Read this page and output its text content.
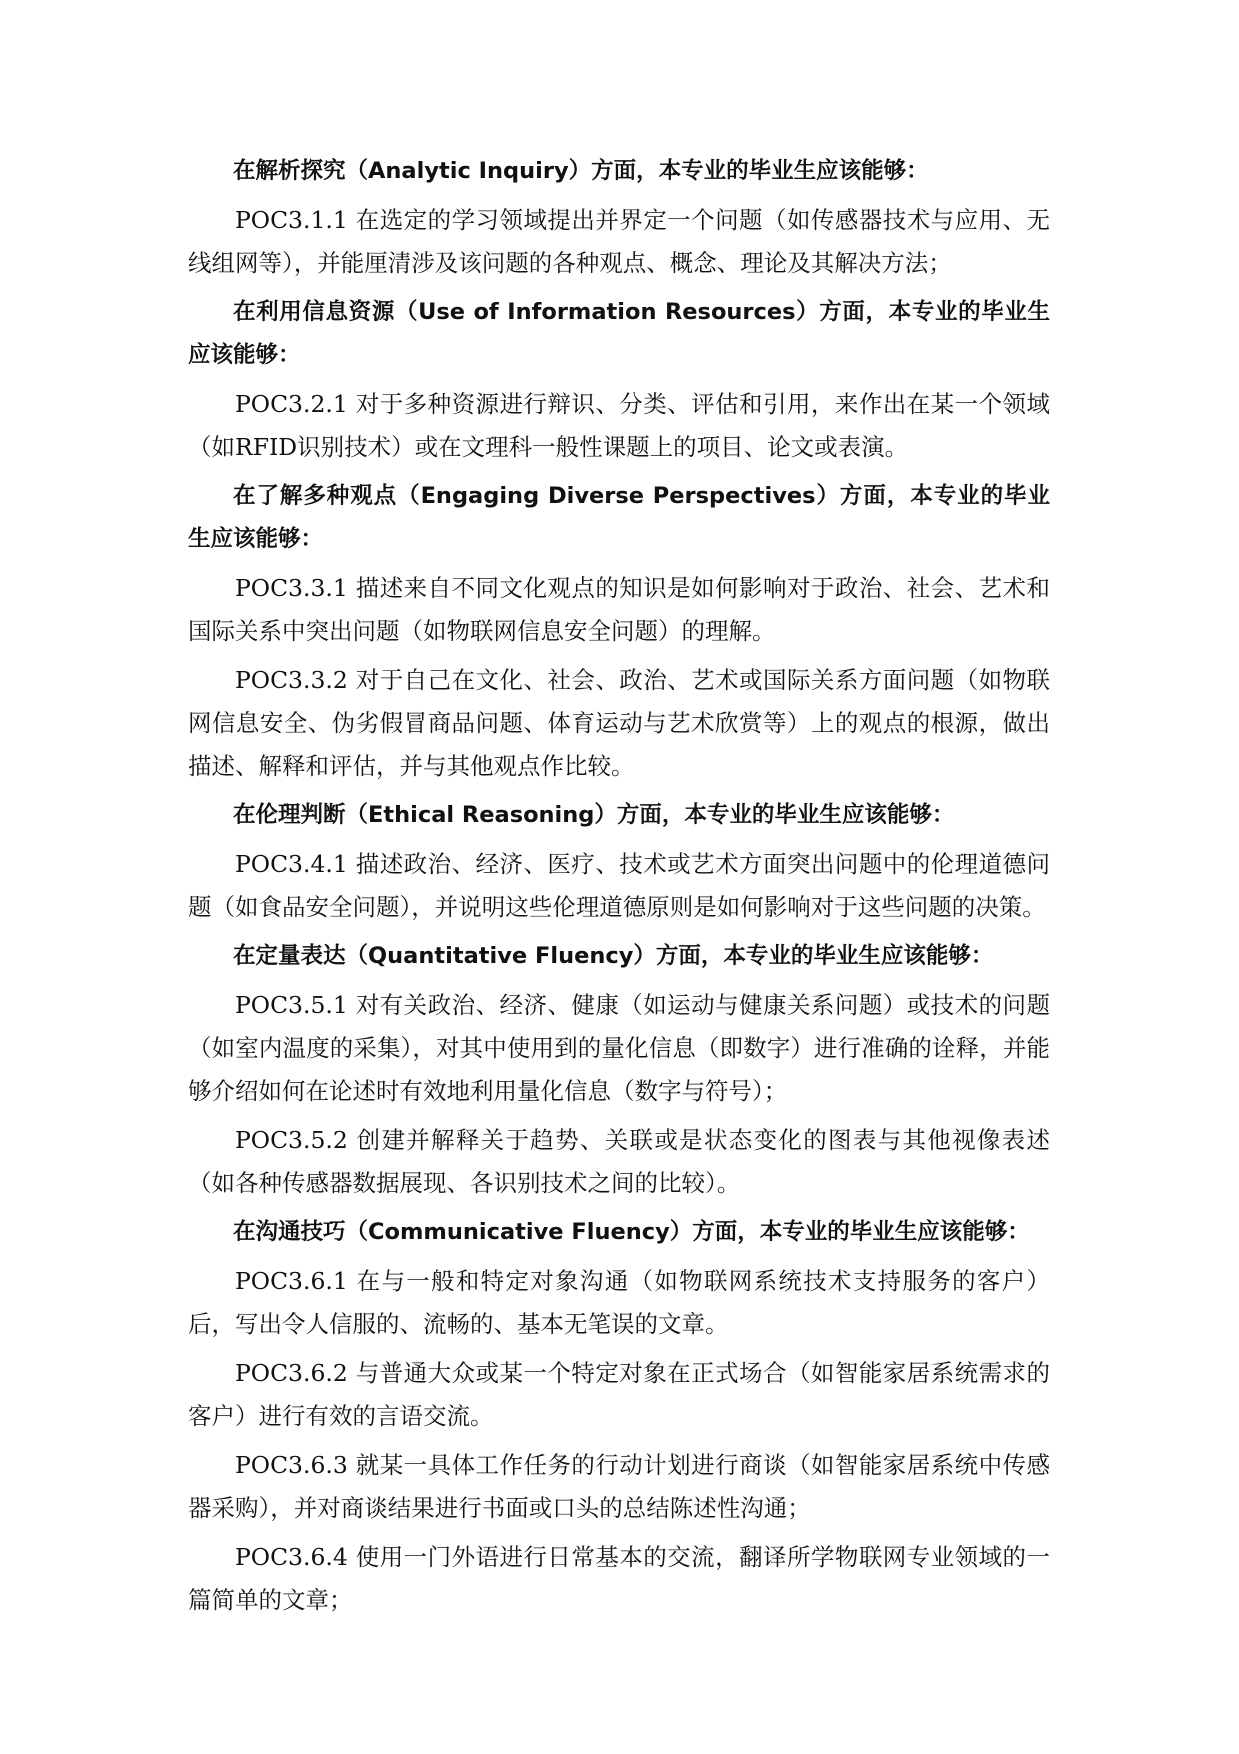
在解析探究（Analytic Inquiry）方面，本专业的毕业生应该能够：

POC3.1.1 在选定的学习领域提出并界定一个问题（如传感器技术与应用、无线组网等），并能厘清涉及该问题的各种观点、概念、理论及其解决方法；

在利用信息资源（Use of Information Resources）方面，本专业的毕业生应该能够：

POC3.2.1 对于多种资源进行辩识、分类、评估和引用，来作出在某一个领域（如RFID识别技术）或在文理科一般性课题上的项目、论文或表演。

在了解多种观点（Engaging Diverse Perspectives）方面，本专业的毕业生应该能够：

POC3.3.1 描述来自不同文化观点的知识是如何影响对于政治、社会、艺术和国际关系中突出问题（如物联网信息安全问题）的理解。

POC3.3.2 对于自己在文化、社会、政治、艺术或国际关系方面问题（如物联网信息安全、伪劣假冒商品问题、体育运动与艺术欣赏等）上的观点的根源，做出描述、解释和评估，并与其他观点作比较。

在伦理判断（Ethical Reasoning）方面，本专业的毕业生应该能够：

POC3.4.1 描述政治、经济、医疗、技术或艺术方面突出问题中的伦理道德问题（如食品安全问题），并说明这些伦理道德原则是如何影响对于这些问题的决策。

在定量表达（Quantitative Fluency）方面，本专业的毕业生应该能够：

POC3.5.1 对有关政治、经济、健康（如运动与健康关系问题）或技术的问题（如室内温度的采集），对其中使用到的量化信息（即数字）进行准确的诠释，并能够介绍如何在论述时有效地利用量化信息（数字与符号）；

POC3.5.2 创建并解释关于趋势、关联或是状态变化的图表与其他视像表述（如各种传感器数据展现、各识别技术之间的比较）。

在沟通技巧（Communicative Fluency）方面，本专业的毕业生应该能够：

POC3.6.1 在与一般和特定对象沟通（如物联网系统技术支持服务的客户）后，写出令人信服的、流畅的、基本无笔误的文章。

POC3.6.2 与普通大众或某一个特定对象在正式场合（如智能家居系统需求的客户）进行有效的言语交流。

POC3.6.3 就某一具体工作任务的行动计划进行商谈（如智能家居系统中传感器采购），并对商谈结果进行书面或口头的总结陈述性沟通；

POC3.6.4 使用一门外语进行日常基本的交流，翻译所学物联网专业领域的一篇简单的文章；
